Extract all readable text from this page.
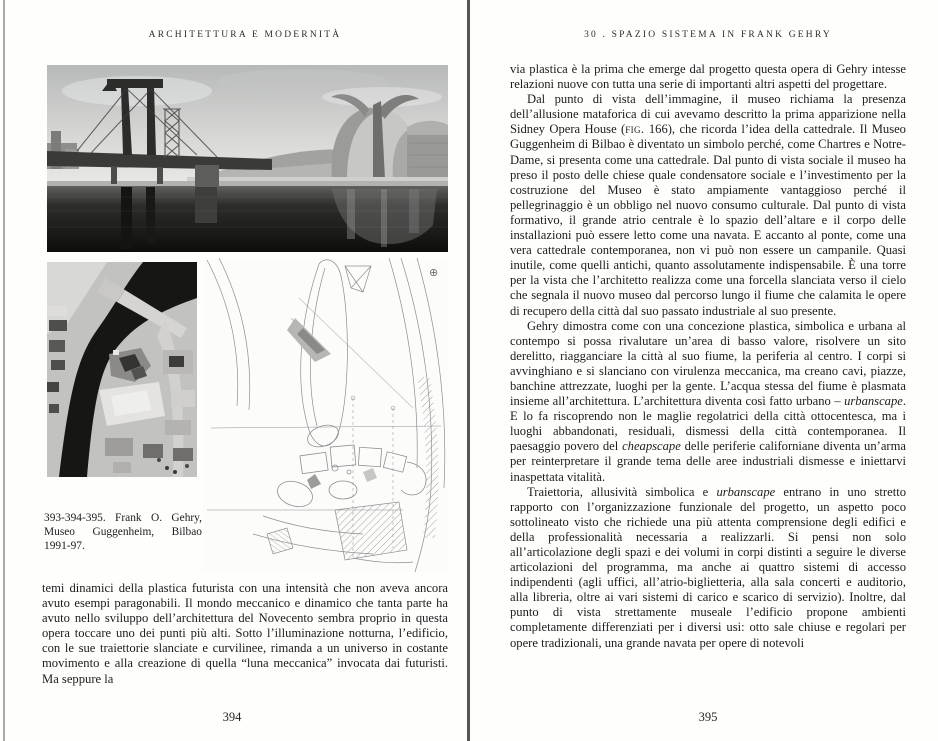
ARCHITETTURA E MODERNITÀ
⊕
393-394-395. Frank O. Gehry, Museo Guggenheim, Bilbao 1991-97.

temi dinamici della plastica futurista con una intensità che non aveva ancora avuto esempi paragonabili. Il mondo meccanico e dinamico che tanta parte ha avuto nello sviluppo dell’architettura del Novecento sembra proprio in questa opera toccare uno dei punti più alti. Sotto l’illuminazione notturna, l’edificio, con le sue traiettorie slanciate e curvilinee, rimanda a un universo in costante movimento e alla creazione di quella “luna meccanica” invocata dai futuristi. Ma seppure la

394
30 . SPAZIO SISTEMA IN FRANK GEHRY

via plastica è la prima che emerge dal progetto questa opera di Gehry intesse relazioni nuove con tutta una serie di importanti altri aspetti del progettare.

Dal punto di vista dell’immagine, il museo richiama la presenza dell’allusione mataforica di cui avevamo descritto la prima apparizione nella Sidney Opera House (fig. 166), che ricorda l’idea della cattedrale. Il Museo Guggenheim di Bilbao è diventato un simbolo perché, come Chartres e Notre-Dame, si presenta come una cattedrale. Dal punto di vista sociale il museo ha preso il posto delle chiese quale condensatore sociale e l’investimento per la costruzione del Museo è stato ampiamente vantaggioso perché il pellegrinaggio è un obbligo nel nuovo consumo culturale. Dal punto di vista formativo, il grande atrio centrale è lo spazio dell’altare e il corpo delle installazioni può essere letto come una navata. E accanto al ponte, come una vera cattedrale contemporanea, non vi può non essere un campanile. Quasi inutile, come quelli antichi, quanto assolutamente indispensabile. È una torre per la vista che l’architetto realizza come una forcella slanciata verso il cielo che segnala il nuovo museo dal percorso lungo il fiume che calamita le opere di recupero della città dal suo passato industriale al suo presente.

Gehry dimostra come con una concezione plastica, simbolica e urbana al contempo si possa rivalutare un’area di basso valore, risolvere un sito derelitto, riagganciare la città al suo fiume, la periferia al centro. I corpi si avvinghiano e si slanciano con virulenza meccanica, ma creano cavi, piazze, banchine attrezzate, luoghi per la gente. L’acqua stessa del fiume è plasmata insieme all’architettura. L’architettura diventa così fatto urbano – urbanscape. E lo fa riscoprendo non le maglie regolatrici della città ottocentesca, ma i luoghi abbandonati, residuali, dismessi della città contemporanea. Il paesaggio povero del cheapscape delle periferie californiane diventa un’arma per reinterpretare il grande tema delle aree industriali dismesse e iniettarvi inaspettata vitalità.

Traiettoria, allusività simbolica e urbanscape entrano in uno stretto rapporto con l’organizzazione funzionale del progetto, un aspetto poco sottolineato visto che richiede una più attenta comprensione degli edifici e della professionalità necessaria a realizzarli. Si pensi non solo all’articolazione degli spazi e dei volumi in corpi distinti a seguire le diverse articolazioni del programma, ma anche ai quattro sistemi di accesso indipendenti (agli uffici, all’atrio-biglietteria, alla sala concerti e auditorio, alla libreria, oltre ai vari sistemi di carico e scarico di servizio). Inoltre, dal punto di vista strettamente museale l’edificio propone ambienti completamente differenziati per i diversi usi: otto sale chiuse e regolari per opere tradizionali, una grande navata per opere di notevoli

395
